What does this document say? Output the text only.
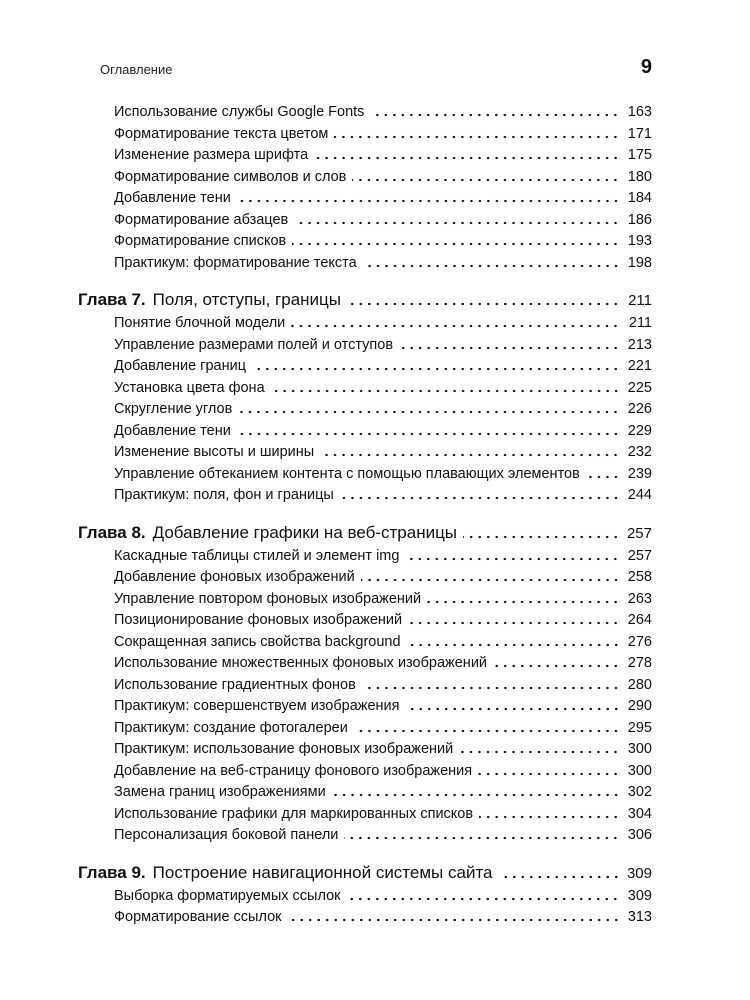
Оглавление	9
Использование службы Google Fonts	163
Форматирование текста цветом	171
Изменение размера шрифта	175
Форматирование символов и слов	180
Добавление тени	184
Форматирование абзацев	186
Форматирование списков	193
Практикум: форматирование текста	198
Глава 7. Поля, отступы, границы	211
Понятие блочной модели	211
Управление размерами полей и отступов	213
Добавление границ	221
Установка цвета фона	225
Скругление углов	226
Добавление тени	229
Изменение высоты и ширины	232
Управление обтеканием контента с помощью плавающих элементов	239
Практикум: поля, фон и границы	244
Глава 8. Добавление графики на веб-страницы	257
Каскадные таблицы стилей и элемент img	257
Добавление фоновых изображений	258
Управление повтором фоновых изображений	263
Позиционирование фоновых изображений	264
Сокращенная запись свойства background	276
Использование множественных фоновых изображений	278
Использование градиентных фонов	280
Практикум: совершенствуем изображения	290
Практикум: создание фотогалереи	295
Практикум: использование фоновых изображений	300
Добавление на веб-страницу фонового изображения	300
Замена границ изображениями	302
Использование графики для маркированных списков	304
Персонализация боковой панели	306
Глава 9. Построение навигационной системы сайта	309
Выборка форматируемых ссылок	309
Форматирование ссылок	313
